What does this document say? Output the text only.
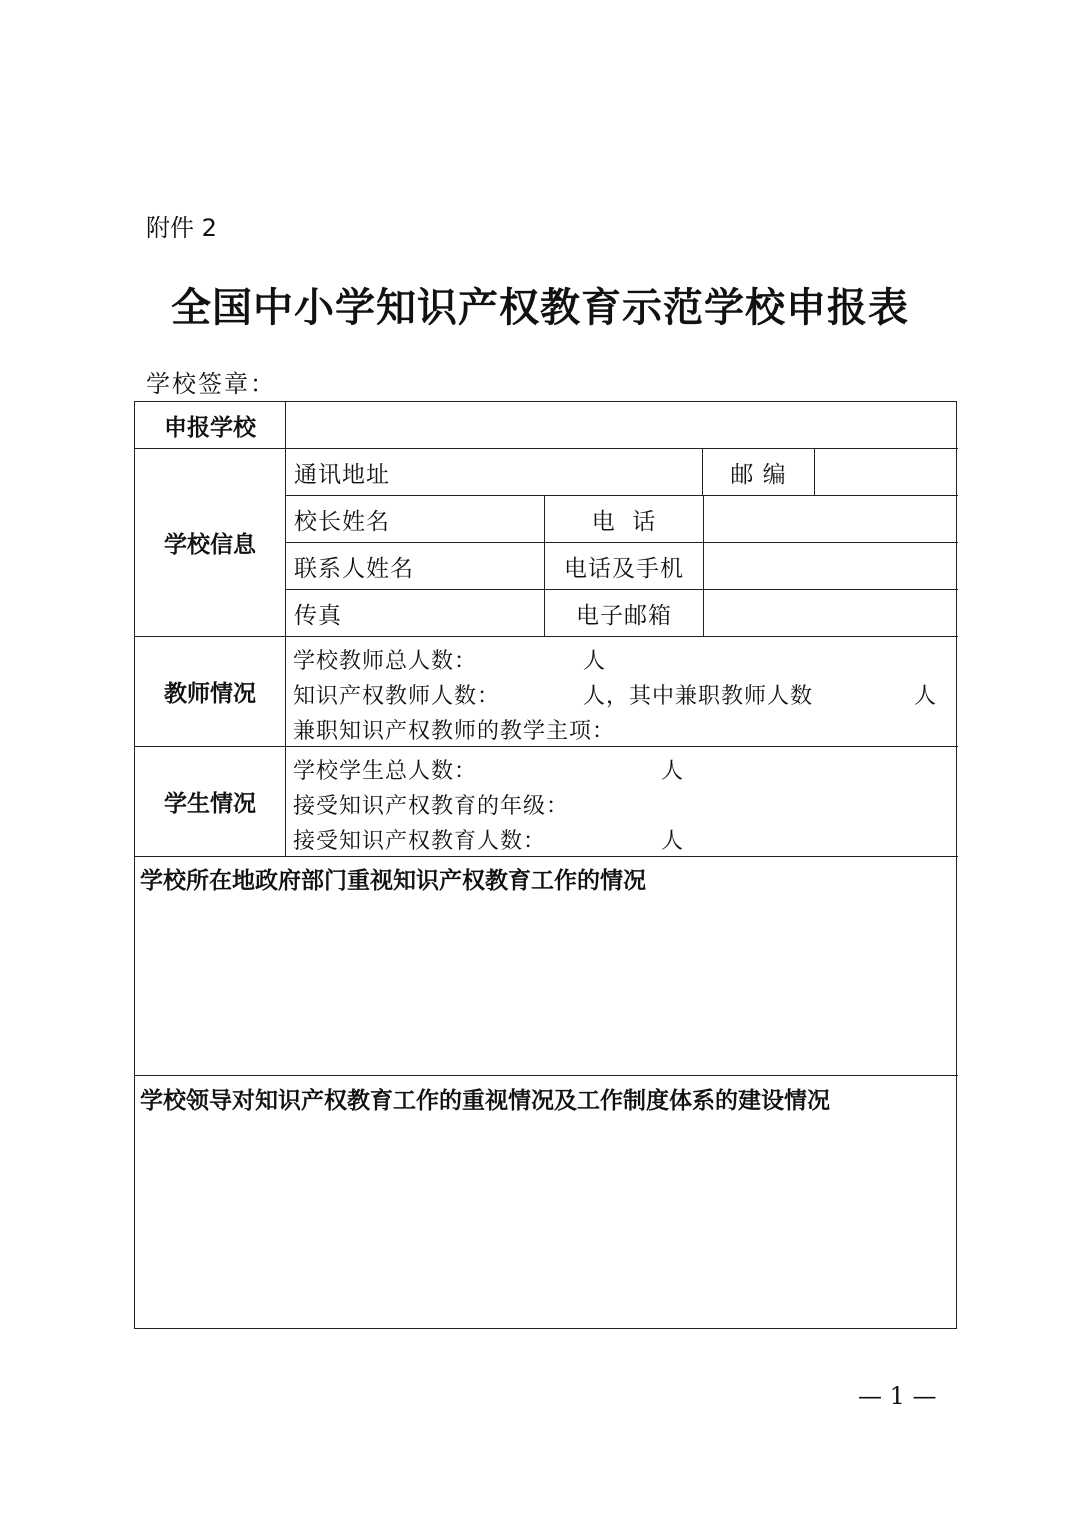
附件 2
全国中小学知识产权教育示范学校申报表
学校签章：
申报学校
学校信息
通讯地址	邮 编
校长姓名	电  话
联系人姓名	电话及手机
传真	电子邮箱
教师情况
学校教师总人数：	人
知识产权教师人数：	人，其中兼职教师人数	人
兼职知识产权教师的教学主项：
学生情况
学校学生总人数：	人
接受知识产权教育的年级：
接受知识产权教育人数：	人
学校所在地政府部门重视知识产权教育工作的情况
学校领导对知识产权教育工作的重视情况及工作制度体系的建设情况
— 1 —
